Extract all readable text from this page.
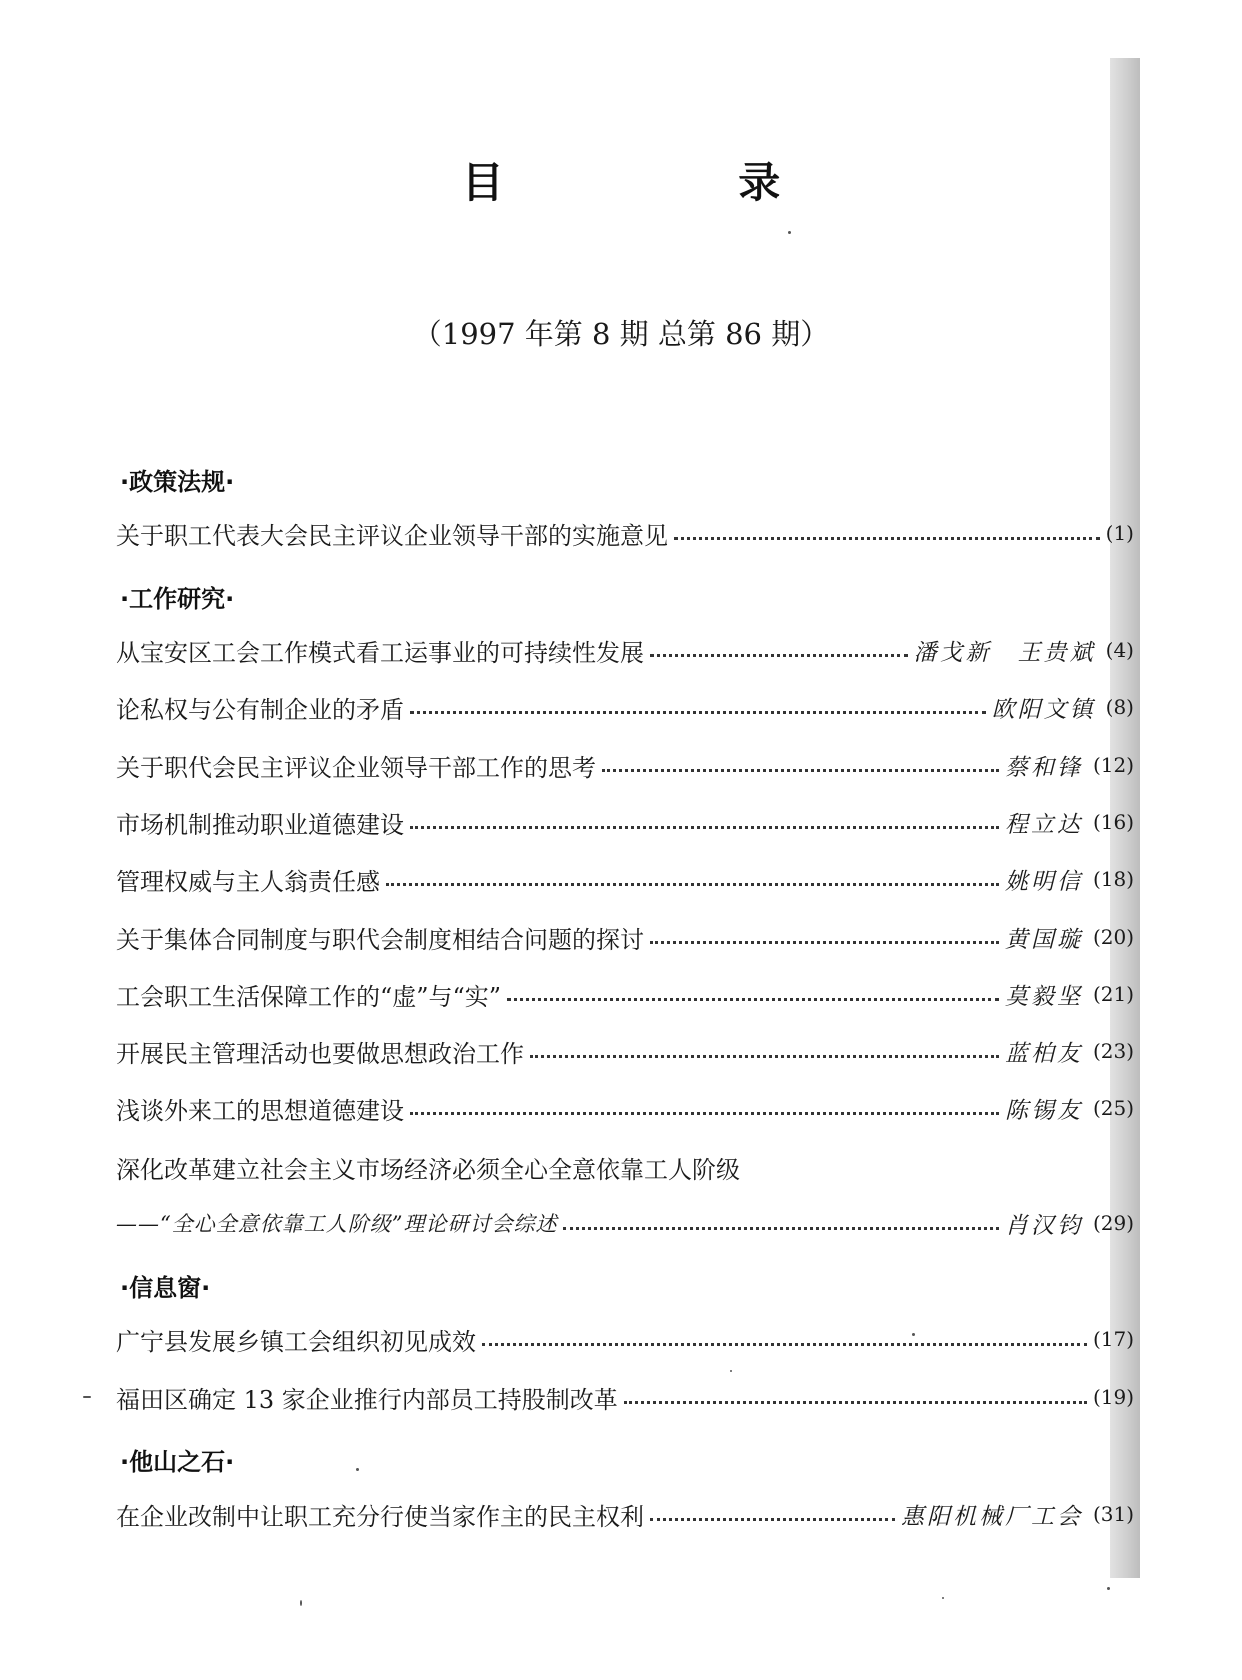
目 录
（1997 年第 8 期 总第 86 期）
·政策法规·
关于职工代表大会民主评议企业领导干部的实施意见	(1)
·工作研究·
从宝安区工会工作模式看工运事业的可持续性发展	潘戈新　王贵斌 (4)
论私权与公有制企业的矛盾	欧阳文镇 (8)
关于职代会民主评议企业领导干部工作的思考	蔡和锋 (12)
市场机制推动职业道德建设	程立达 (16)
管理权威与主人翁责任感	姚明信 (18)
关于集体合同制度与职代会制度相结合问题的探讨	黄国璇 (20)
工会职工生活保障工作的“虚”与“实”	莫毅坚 (21)
开展民主管理活动也要做思想政治工作	蓝柏友 (23)
浅谈外来工的思想道德建设	陈锡友 (25)
深化改革建立社会主义市场经济必须全心全意依靠工人阶级
——“全心全意依靠工人阶级”理论研讨会综述	肖汉钧 (29)
·信息窗·
广宁县发展乡镇工会组织初见成效	(17)
福田区确定 13 家企业推行内部员工持股制改革	(19)
·他山之石·
在企业改制中让职工充分行使当家作主的民主权利	惠阳机械厂工会 (31)
